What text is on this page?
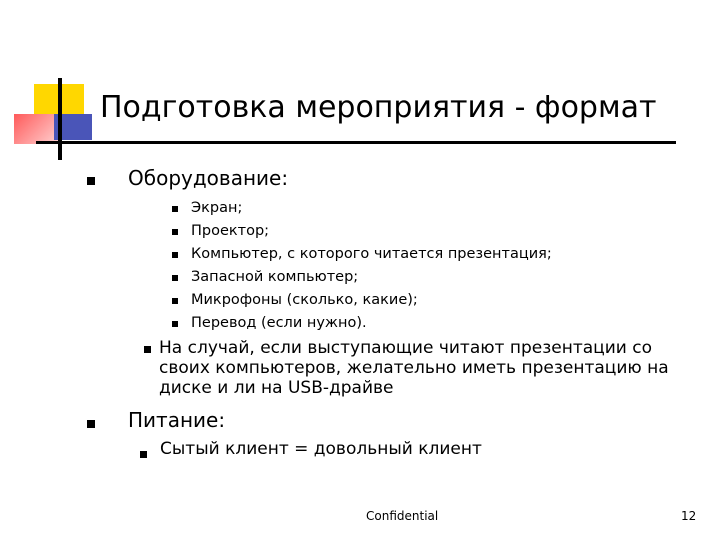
Подготовка мероприятия - формат
Оборудование:
Экран;
Проектор;
Компьютер, с которого читается презентация;
Запасной компьютер;
Микрофоны (сколько, какие);
Перевод (если нужно).
На случай, если выступающие читают презентации со своих компьютеров, желательно иметь презентацию на диске и ли на USB-драйве
Питание:
Сытый клиент = довольный клиент
Confidential	12
